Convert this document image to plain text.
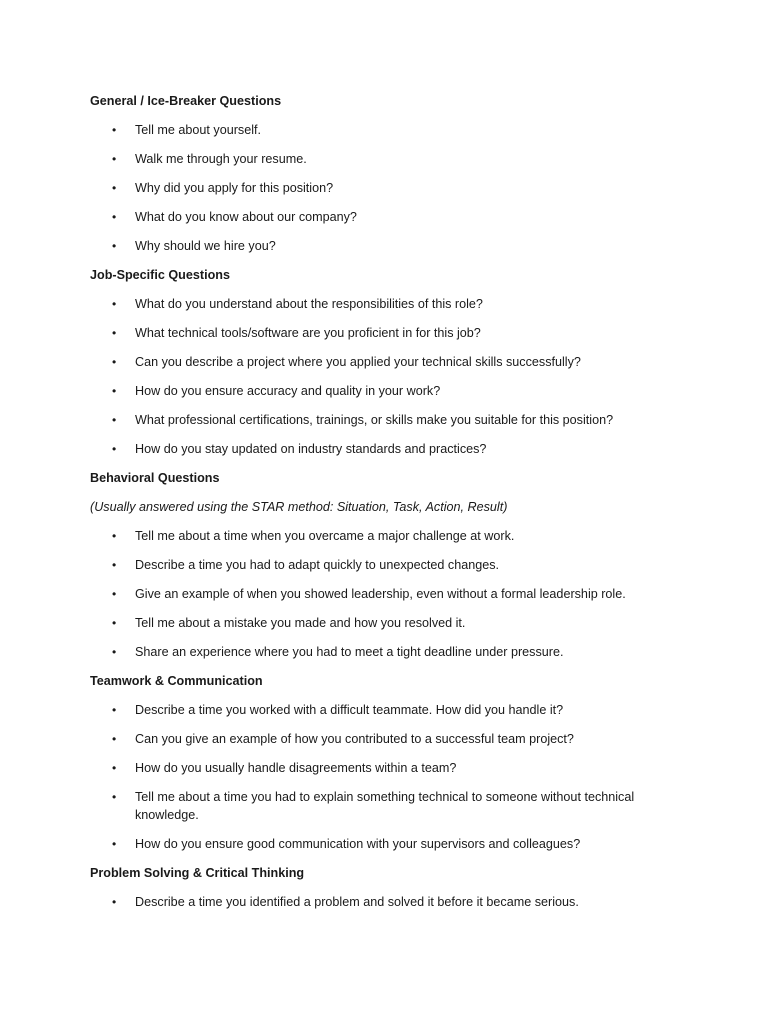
General / Ice-Breaker Questions

• Tell me about yourself.
• Walk me through your resume.
• Why did you apply for this position?
• What do you know about our company?
• Why should we hire you?

Job-Specific Questions

• What do you understand about the responsibilities of this role?
• What technical tools/software are you proficient in for this job?
• Can you describe a project where you applied your technical skills successfully?
• How do you ensure accuracy and quality in your work?
• What professional certifications, trainings, or skills make you suitable for this position?
• How do you stay updated on industry standards and practices?

Behavioral Questions

(Usually answered using the STAR method: Situation, Task, Action, Result)

• Tell me about a time when you overcame a major challenge at work.
• Describe a time you had to adapt quickly to unexpected changes.
• Give an example of when you showed leadership, even without a formal leadership role.
• Tell me about a mistake you made and how you resolved it.
• Share an experience where you had to meet a tight deadline under pressure.

Teamwork & Communication

• Describe a time you worked with a difficult teammate. How did you handle it?
• Can you give an example of how you contributed to a successful team project?
• How do you usually handle disagreements within a team?
• Tell me about a time you had to explain something technical to someone without technical knowledge.
• How do you ensure good communication with your supervisors and colleagues?

Problem Solving & Critical Thinking

• Describe a time you identified a problem and solved it before it became serious.
